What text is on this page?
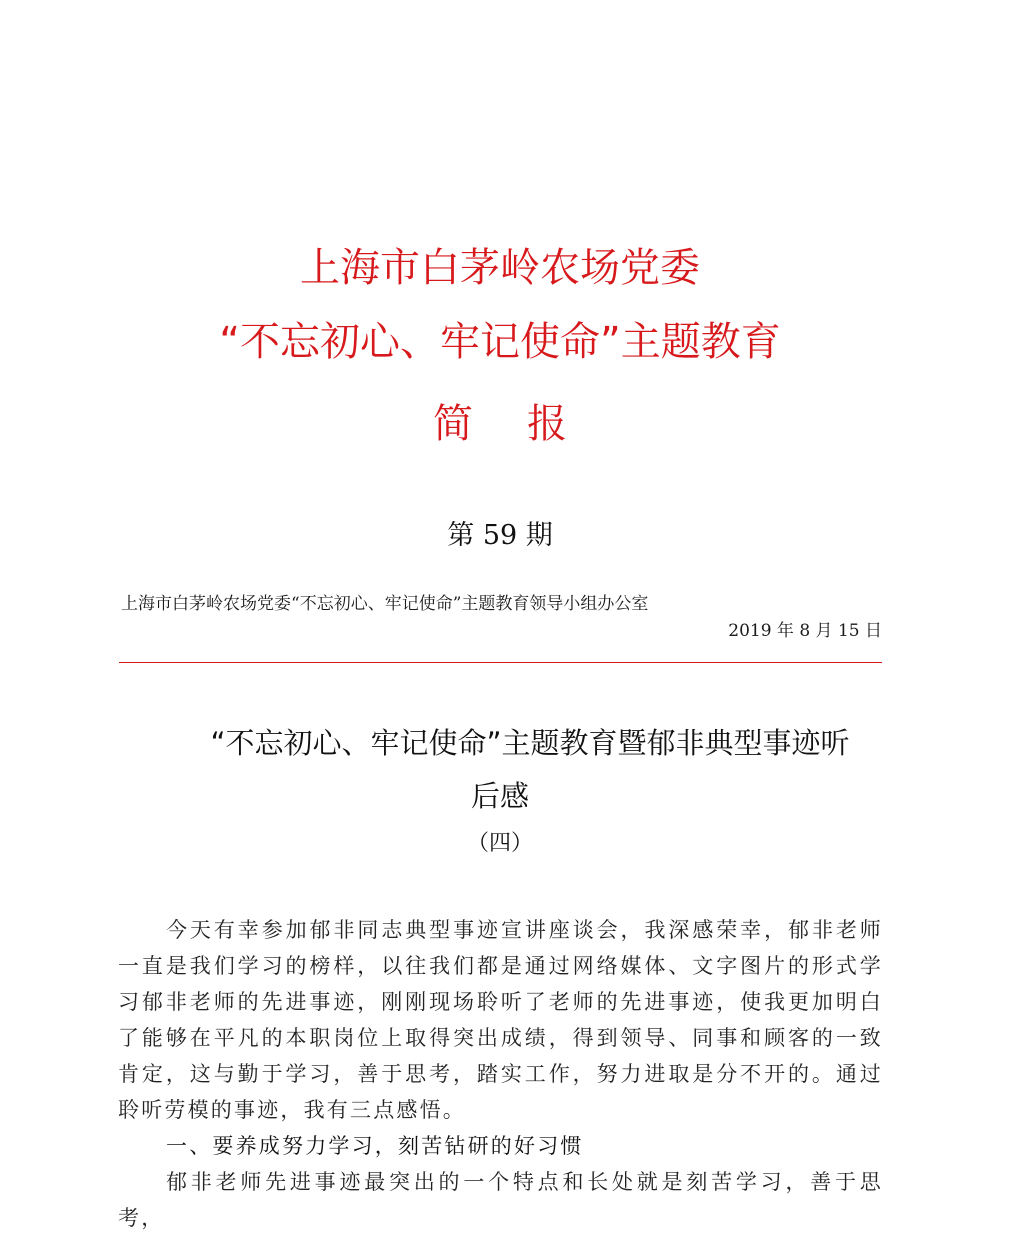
上海市白茅岭农场党委
“不忘初心、牢记使命”主题教育
简 报
第 59 期
上海市白茅岭农场党委“不忘初心、牢记使命”主题教育领导小组办公室
2019 年 8 月 15 日
“不忘初心、牢记使命”主题教育暨郁非典型事迹听
后感
（四）
今天有幸参加郁非同志典型事迹宣讲座谈会，我深感荣幸，郁非老师一直是我们学习的榜样，以往我们都是通过网络媒体、文字图片的形式学习郁非老师的先进事迹，刚刚现场聆听了老师的先进事迹，使我更加明白了能够在平凡的本职岗位上取得突出成绩，得到领导、同事和顾客的一致肯定，这与勤于学习，善于思考，踏实工作，努力进取是分不开的。通过聆听劳模的事迹，我有三点感悟。
一、要养成努力学习，刻苦钻研的好习惯
郁非老师先进事迹最突出的一个特点和长处就是刻苦学习，善于思考，
